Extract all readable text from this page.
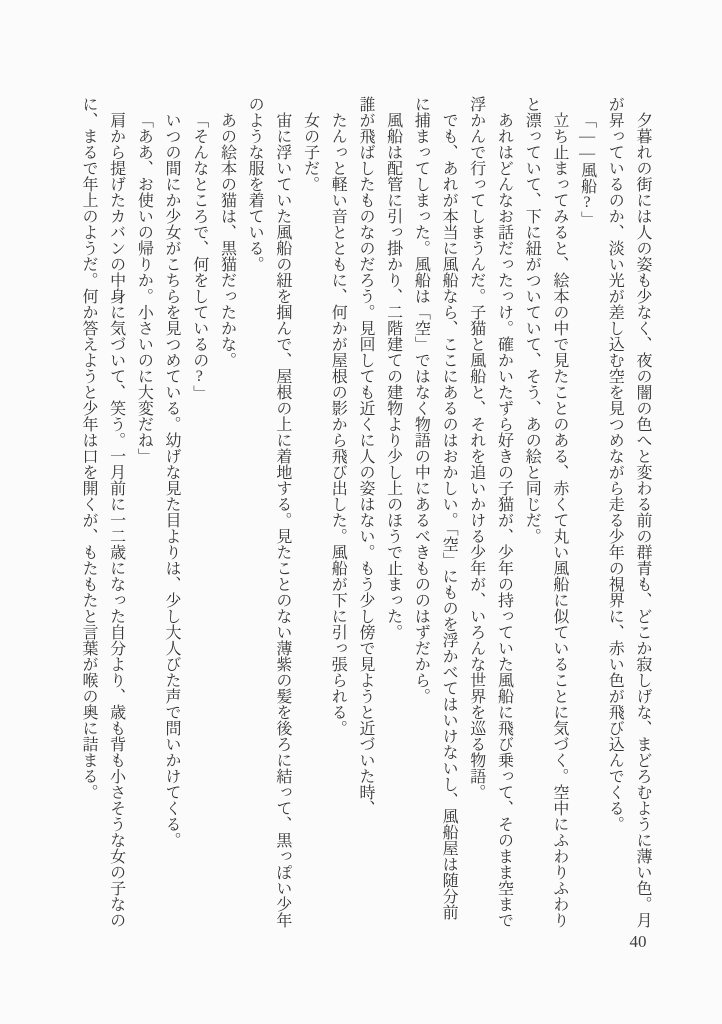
夕暮れの街には人の姿も少なく、夜の闇の色へと変わる前の群青も、どこか寂しげな、まどろむように薄い色。月が昇っているのか、淡い光が差し込む空を見つめながら走る少年の視界に、赤い色が飛び込んでくる。

「――風船?」

立ち止まってみると、絵本の中で見たことのある、赤くて丸い風船に似ていることに気づく。空中にふわりふわりと漂っていて、下に紐がついていて、そう、あの絵と同じだ。

あれはどんなお話だったっけ。確かいたずら好きの子猫が、少年の持っていた風船に飛び乗って、そのまま空まで浮かんで行ってしまうんだ。子猫と風船と、それを追いかける少年が、いろんな世界を巡る物語。

でも、あれが本当に風船なら、ここにあるのはおかしい。「空」にものを浮かべてはいけないし、風船屋は随分前に捕まってしまった。風船は「空」ではなく物語の中にあるべきもののはずだから。

風船は配管に引っ掛かり、二階建ての建物より少し上のほうで止まった。

誰が飛ばしたものなのだろう。見回しても近くに人の姿はない。もう少し傍で見ようと近づいた時、

たんっと軽い音とともに、何かが屋根の影から飛び出した。風船が下に引っ張られる。

女の子だ。

宙に浮いていた風船の紐を掴んで、屋根の上に着地する。見たことのない薄紫の髪を後ろに結って、黒っぽい少年のような服を着ている。

あの絵本の猫は、黒猫だったかな。

「そんなところで、何をしているの?」

いつの間にか少女がこちらを見つめている。幼げな見た目よりは、少し大人びた声で問いかけてくる。

「ああ、お使いの帰りか。小さいのに大変だね」

肩から提げたカバンの中身に気づいて、笑う。一月前に一二歳になった自分より、歳も背も小さそうな女の子なのに、まるで年上のようだ。何か答えようと少年は口を開くが、もたもたと言葉が喉の奥に詰まる。

40
